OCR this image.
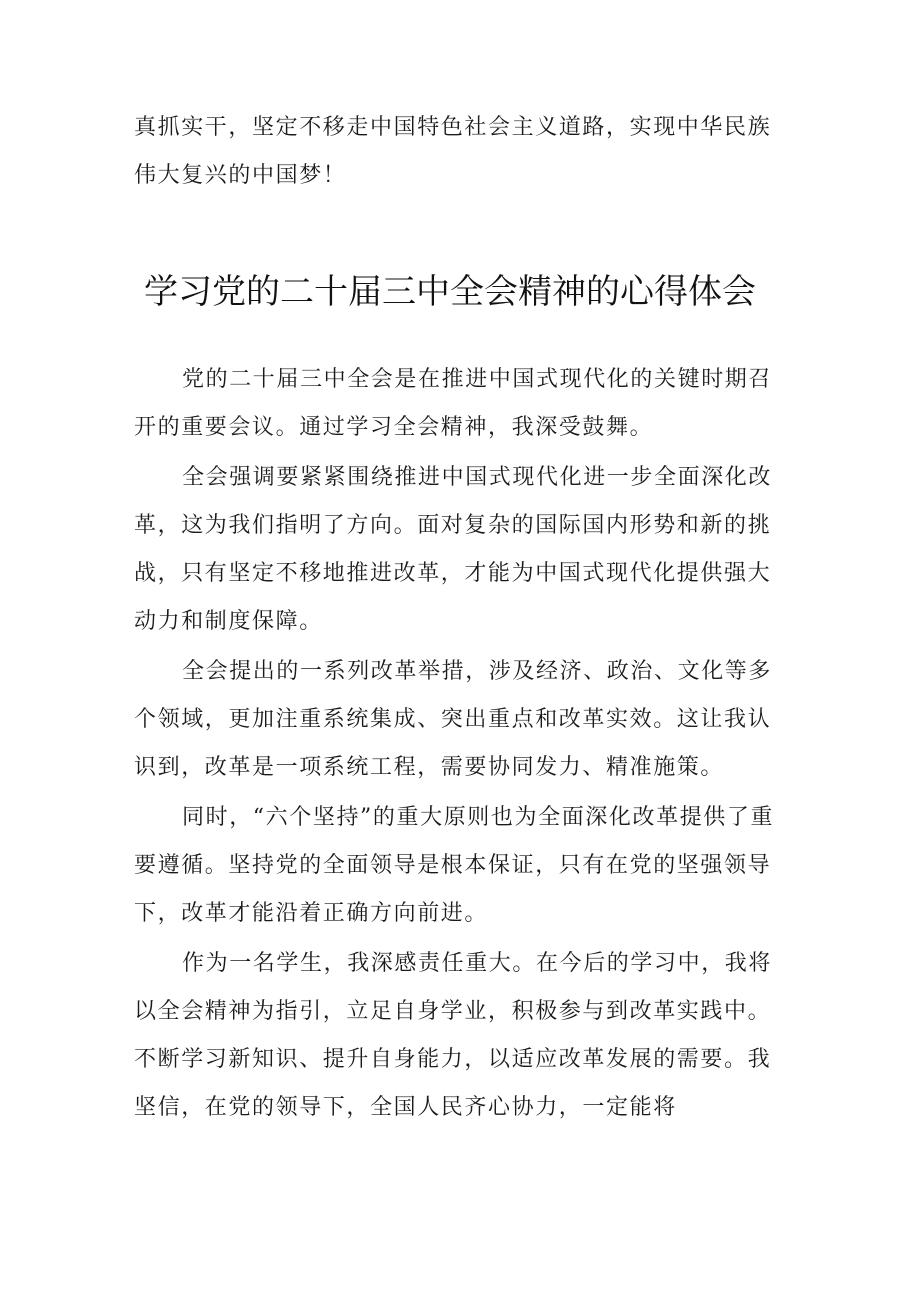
真抓实干，坚定不移走中国特色社会主义道路，实现中华民族伟大复兴的中国梦！

学习党的二十届三中全会精神的心得体会

党的二十届三中全会是在推进中国式现代化的关键时期召开的重要会议。通过学习全会精神，我深受鼓舞。

全会强调要紧紧围绕推进中国式现代化进一步全面深化改革，这为我们指明了方向。面对复杂的国际国内形势和新的挑战，只有坚定不移地推进改革，才能为中国式现代化提供强大动力和制度保障。

全会提出的一系列改革举措，涉及经济、政治、文化等多个领域，更加注重系统集成、突出重点和改革实效。这让我认识到，改革是一项系统工程，需要协同发力、精准施策。

同时，“六个坚持”的重大原则也为全面深化改革提供了重要遵循。坚持党的全面领导是根本保证，只有在党的坚强领导下，改革才能沿着正确方向前进。

作为一名学生，我深感责任重大。在今后的学习中，我将以全会精神为指引，立足自身学业，积极参与到改革实践中。不断学习新知识、提升自身能力，以适应改革发展的需要。我坚信，在党的领导下，全国人民齐心协力，一定能将
